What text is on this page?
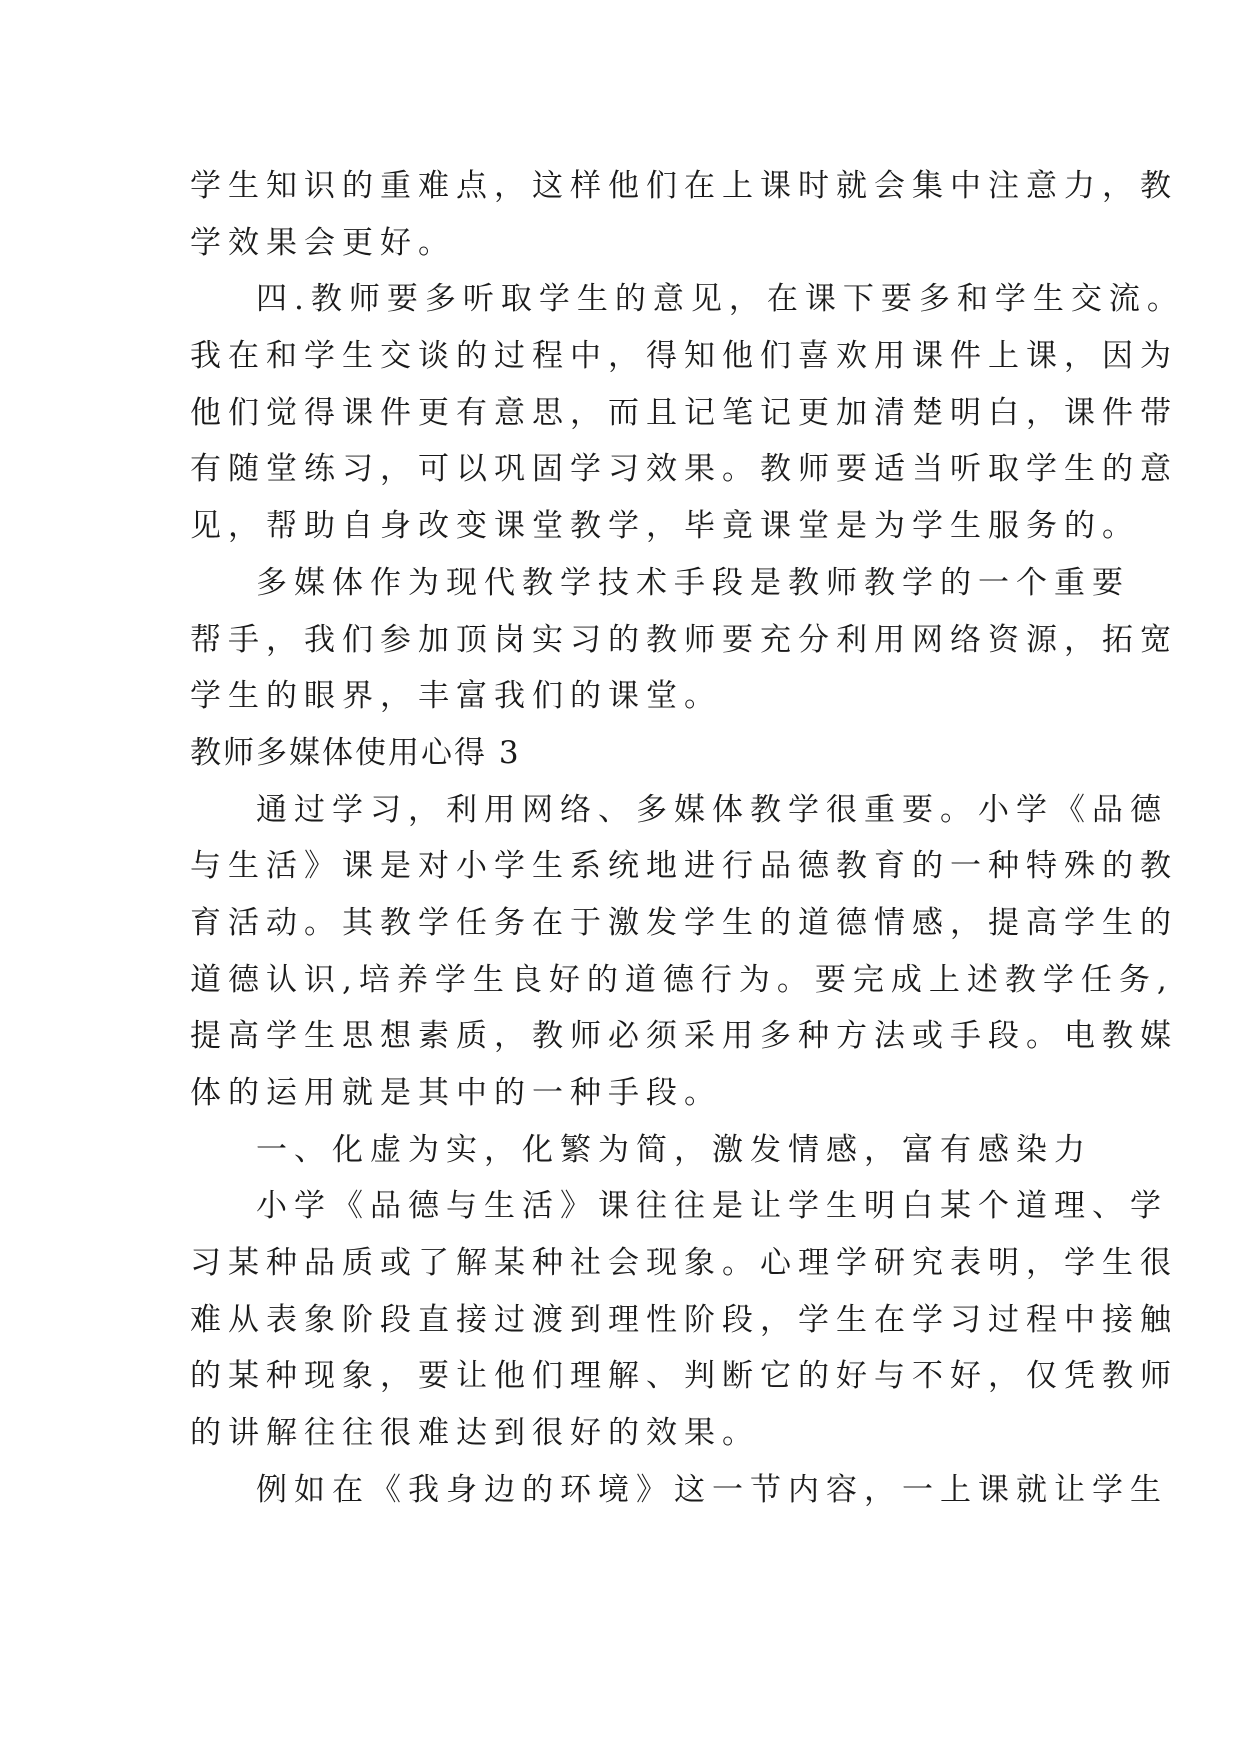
学生知识的重难点，这样他们在上课时就会集中注意力，教
学效果会更好。
四.教师要多听取学生的意见，在课下要多和学生交流。
我在和学生交谈的过程中，得知他们喜欢用课件上课，因为
他们觉得课件更有意思，而且记笔记更加清楚明白，课件带
有随堂练习，可以巩固学习效果。教师要适当听取学生的意
见，帮助自身改变课堂教学，毕竟课堂是为学生服务的。
多媒体作为现代教学技术手段是教师教学的一个重要
帮手，我们参加顶岗实习的教师要充分利用网络资源，拓宽
学生的眼界，丰富我们的课堂。
教师多媒体使用心得 3
通过学习，利用网络、多媒体教学很重要。小学《品德
与生活》课是对小学生系统地进行品德教育的一种特殊的教
育活动。其教学任务在于激发学生的道德情感，提高学生的
道德认识,培养学生良好的道德行为。要完成上述教学任务,
提高学生思想素质，教师必须采用多种方法或手段。电教媒
体的运用就是其中的一种手段。
一、化虚为实，化繁为简，激发情感，富有感染力
小学《品德与生活》课往往是让学生明白某个道理、学
习某种品质或了解某种社会现象。心理学研究表明，学生很
难从表象阶段直接过渡到理性阶段，学生在学习过程中接触
的某种现象，要让他们理解、判断它的好与不好，仅凭教师
的讲解往往很难达到很好的效果。
例如在《我身边的环境》这一节内容，一上课就让学生
